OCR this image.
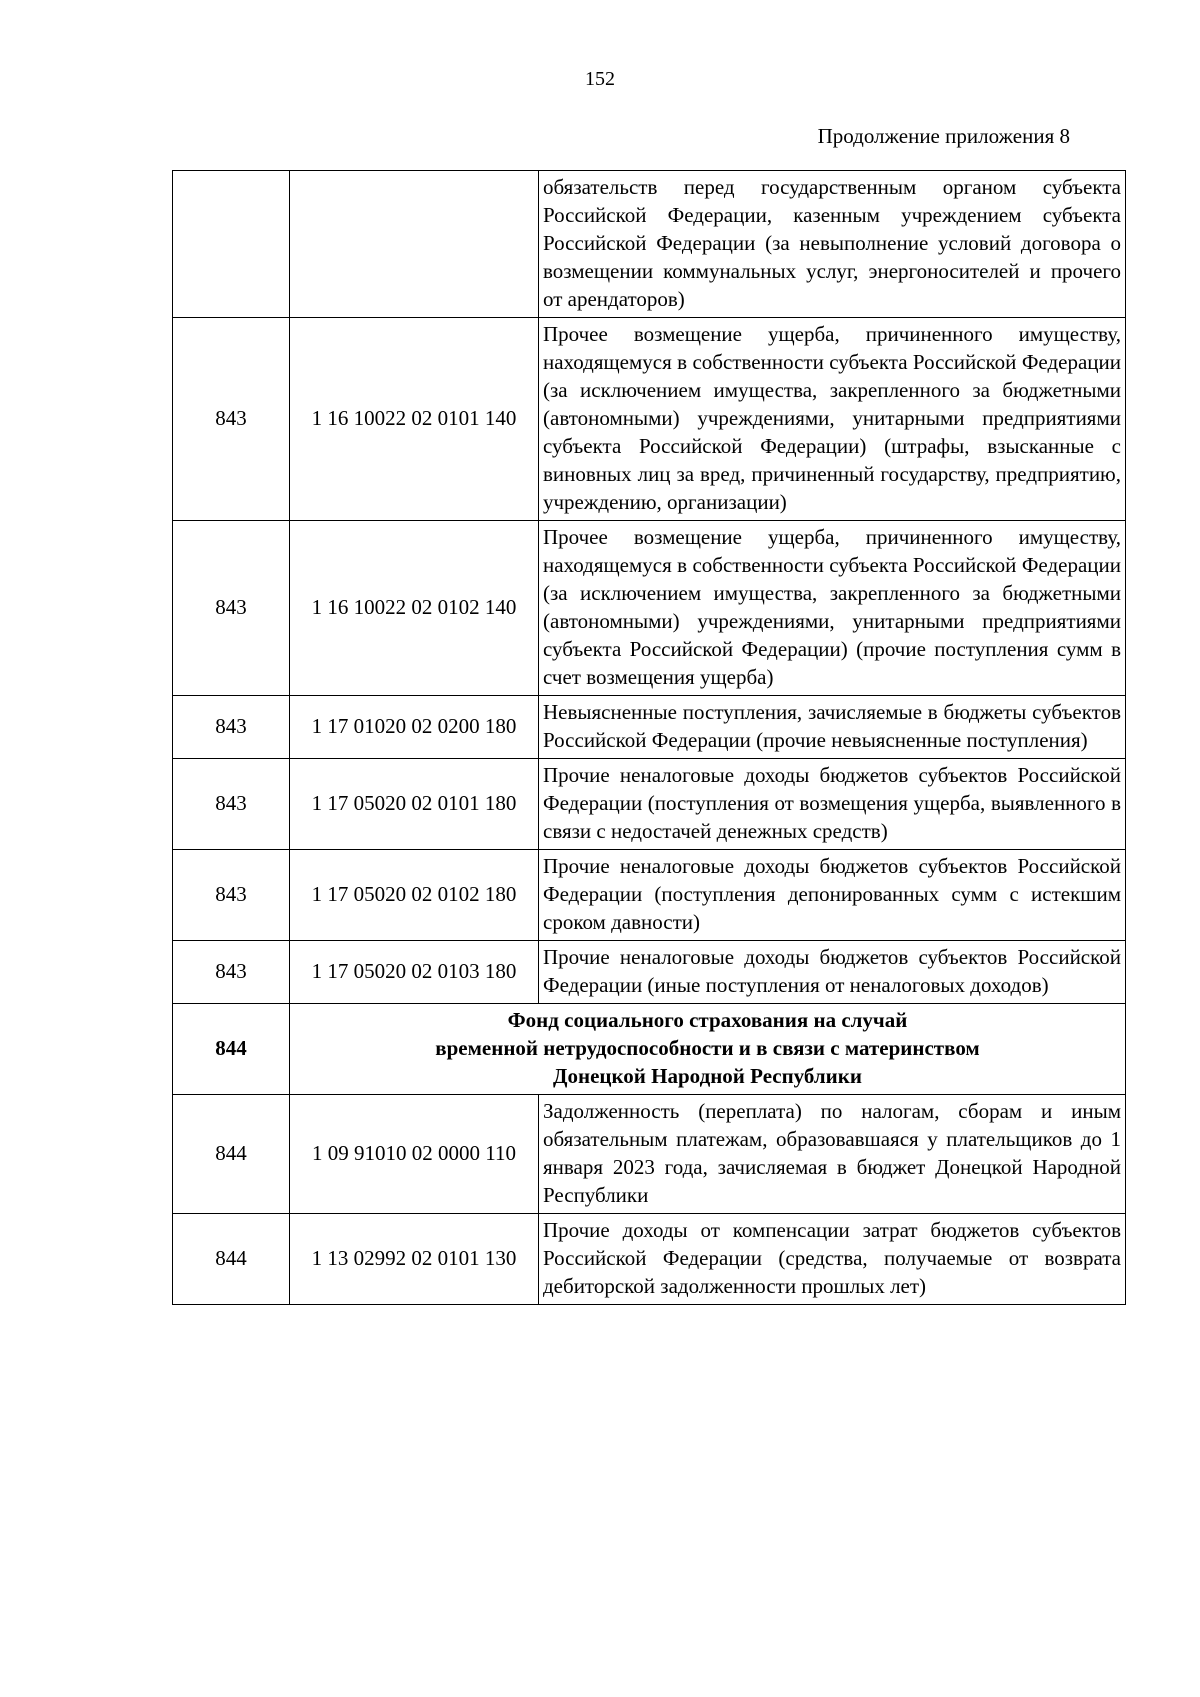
152
Продолжение приложения 8
		обязательств перед государственным органом субъекта Российской Федерации, казенным учреждением субъекта Российской Федерации (за невыполнение условий договора о возмещении коммунальных услуг, энергоносителей и прочего от арендаторов)
843	1 16 10022 02 0101 140	Прочее возмещение ущерба, причиненного имуществу, находящемуся в собственности субъекта Российской Федерации (за исключением имущества, закрепленного за бюджетными (автономными) учреждениями, унитарными предприятиями субъекта Российской Федерации) (штрафы, взысканные с виновных лиц за вред, причиненный государству, предприятию, учреждению, организации)
843	1 16 10022 02 0102 140	Прочее возмещение ущерба, причиненного имуществу, находящемуся в собственности субъекта Российской Федерации (за исключением имущества, закрепленного за бюджетными (автономными) учреждениями, унитарными предприятиями субъекта Российской Федерации) (прочие поступления сумм в счет возмещения ущерба)
843	1 17 01020 02 0200 180	Невыясненные поступления, зачисляемые в бюджеты субъектов Российской Федерации (прочие невыясненные поступления)
843	1 17 05020 02 0101 180	Прочие неналоговые доходы бюджетов субъектов Российской Федерации (поступления от возмещения ущерба, выявленного в связи с недостачей денежных средств)
843	1 17 05020 02 0102 180	Прочие неналоговые доходы бюджетов субъектов Российской Федерации (поступления депонированных сумм с истекшим сроком давности)
843	1 17 05020 02 0103 180	Прочие неналоговые доходы бюджетов субъектов Российской Федерации (иные поступления от неналоговых доходов)
844	Фонд социального страхования на случай
временной нетрудоспособности и в связи с материнством
Донецкой Народной Республики	

844	1 09 91010 02 0000 110	Задолженность (переплата) по налогам, сборам и иным обязательным платежам, образовавшаяся у плательщиков до 1 января 2023 года, зачисляемая в бюджет Донецкой Народной Республики
844	1 13 02992 02 0101 130	Прочие доходы от компенсации затрат бюджетов субъектов Российской Федерации (средства, получаемые от возврата дебиторской задолженности прошлых лет)
